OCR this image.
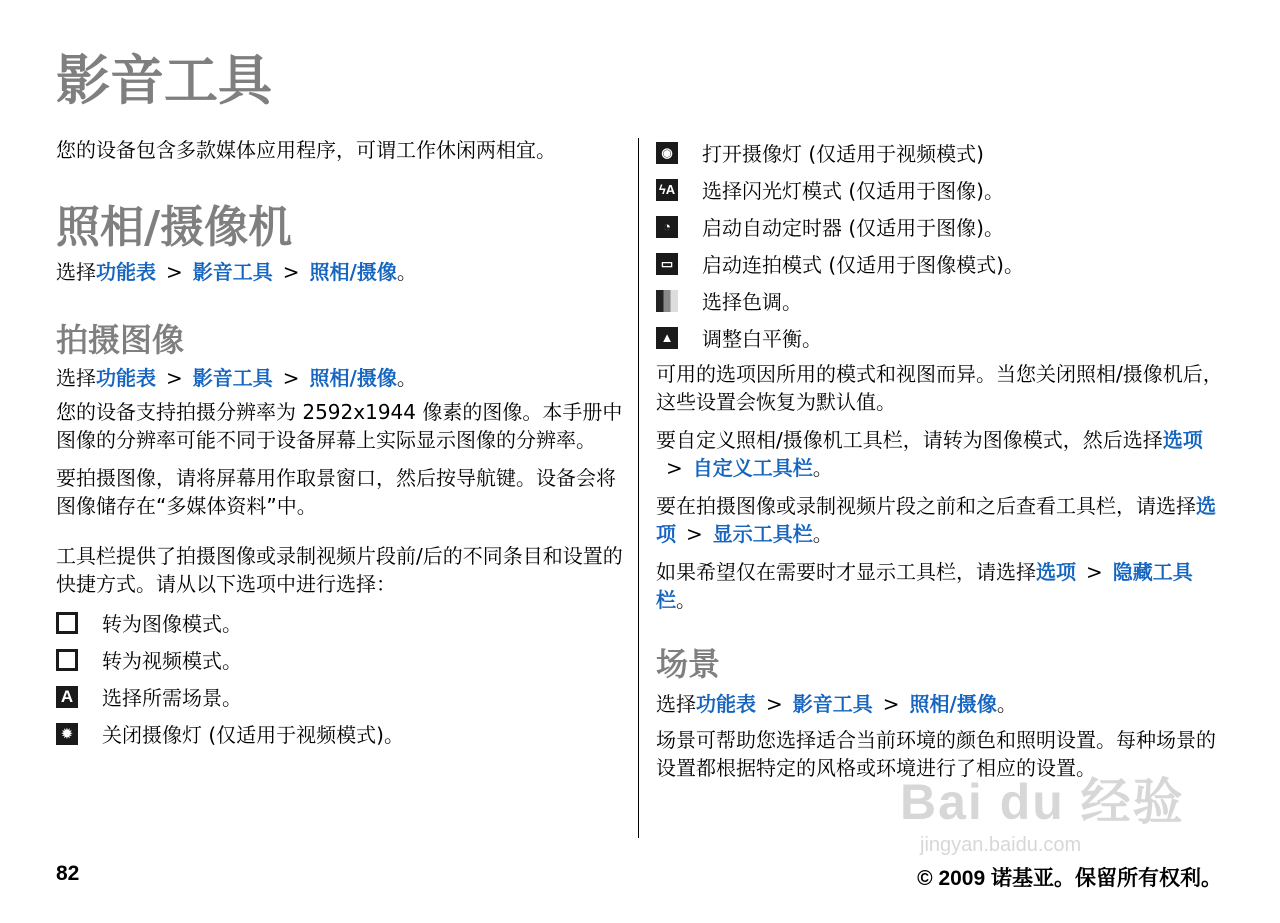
影音工具

您的设备包含多款媒体应用程序，可谓工作休闲两相宜。

照相/摄像机
选择功能表 > 影音工具 > 照相/摄像。
拍摄图像
选择功能表 > 影音工具 > 照相/摄像。

您的设备支持拍摄分辨率为 2592x1944 像素的图像。本手册中图像的分辨率可能不同于设备屏幕上实际显示图像的分辨率。

要拍摄图像，请将屏幕用作取景窗口，然后按导航键。设备会将图像储存在“多媒体资料”中。

工具栏提供了拍摄图像或录制视频片段前/后的不同条目和设置的快捷方式。请从以下选项中进行选择：

◘	转为图像模式。
▤ 转为视频模式。
A 选择所需场景。
✹ 关闭摄像灯 (仅适用于视频模式)。
◉ 打开摄像灯 (仅适用于视频模式)
ϟA 选择闪光灯模式 (仅适用于图像)。
◔	启动自动定时器 (仅适用于图像)。
▭ 启动连拍模式 (仅适用于图像模式)。
选择色调。
▲ 调整白平衡。

可用的选项因所用的模式和视图而异。当您关闭照相/摄像机后，这些设置会恢复为默认值。

要自定义照相/摄像机工具栏，请转为图像模式，然后选择选项> 自定义工具栏。

要在拍摄图像或录制视频片段之前和之后查看工具栏，请选择选项 > 显示工具栏。

如果希望仅在需要时才显示工具栏，请选择选项 > 隐藏工具栏。

场景
选择功能表 > 影音工具 > 照相/摄像。

场景可帮助您选择适合当前环境的颜色和照明设置。每种场景的设置都根据特定的风格或环境进行了相应的设置。

Bai du 经验
jingyan.baidu.com
82	© 2009 诺基亚。保留所有权利。
